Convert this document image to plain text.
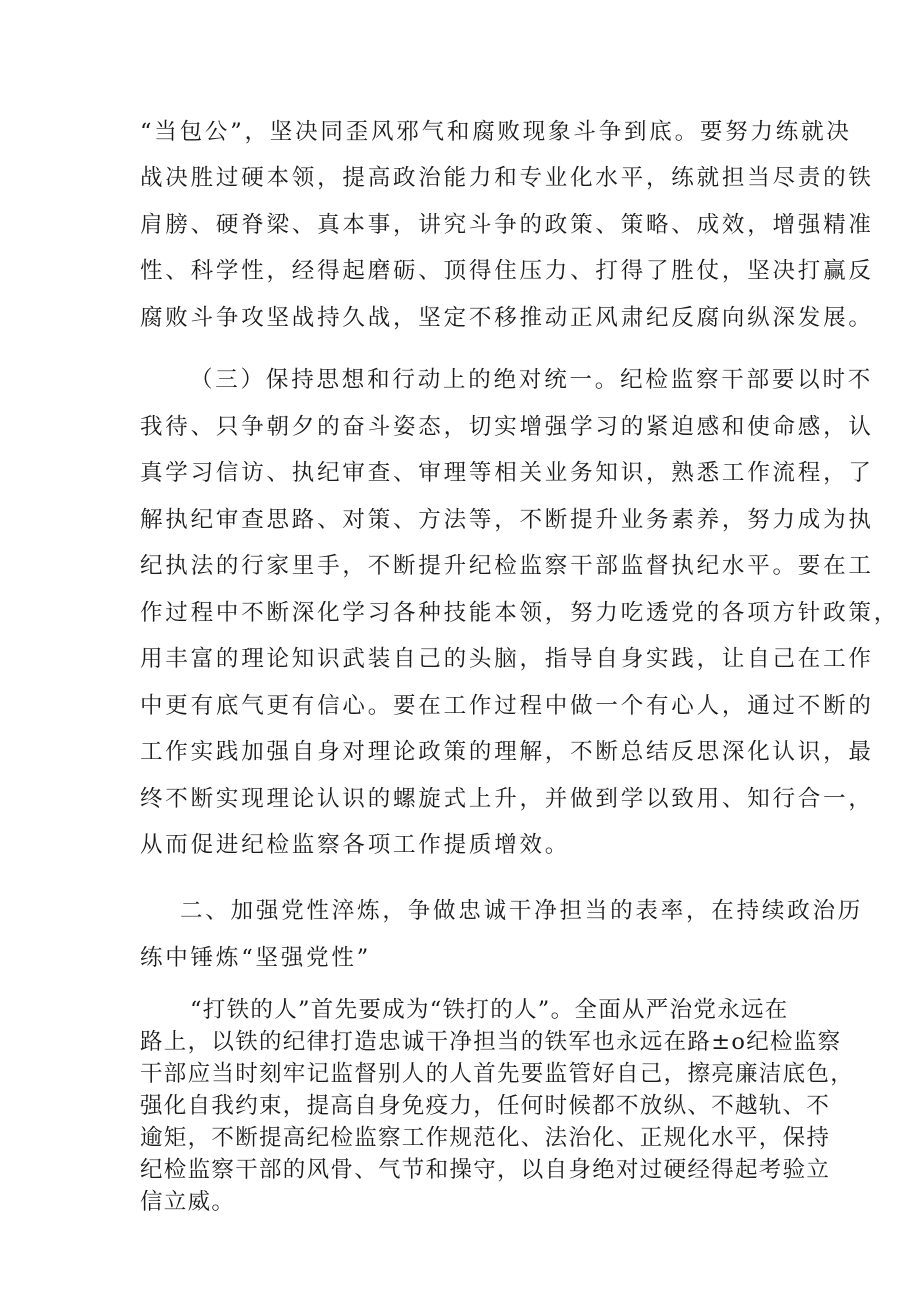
“当包公”，坚决同歪风邪气和腐败现象斗争到底。要努力练就决
战决胜过硬本领，提高政治能力和专业化水平，练就担当尽责的铁
肩膀、硬脊梁、真本事，讲究斗争的政策、策略、成效，增强精准
性、科学性，经得起磨砺、顶得住压力、打得了胜仗，坚决打赢反
腐败斗争攻坚战持久战，坚定不移推动正风肃纪反腐向纵深发展。
（三）保持思想和行动上的绝对统一。纪检监察干部要以时不
我待、只争朝夕的奋斗姿态，切实增强学习的紧迫感和使命感，认
真学习信访、执纪审查、审理等相关业务知识，熟悉工作流程，了
解执纪审查思路、对策、方法等，不断提升业务素养，努力成为执
纪执法的行家里手，不断提升纪检监察干部监督执纪水平。要在工
作过程中不断深化学习各种技能本领，努力吃透党的各项方针政策，
用丰富的理论知识武装自己的头脑，指导自身实践，让自己在工作
中更有底气更有信心。要在工作过程中做一个有心人，通过不断的
工作实践加强自身对理论政策的理解，不断总结反思深化认识，最
终不断实现理论认识的螺旋式上升，并做到学以致用、知行合一，
从而促进纪检监察各项工作提质增效。
二、加强党性淬炼，争做忠诚干净担当的表率，在持续政治历
练中锤炼“坚强党性”
“打铁的人”首先要成为“铁打的人”。全面从严治党永远在
路上，以铁的纪律打造忠诚干净担当的铁军也永远在路±o纪检监察
干部应当时刻牢记监督别人的人首先要监管好自己，擦亮廉洁底色，
强化自我约束，提高自身免疫力，任何时候都不放纵、不越轨、不
逾矩，不断提高纪检监察工作规范化、法治化、正规化水平，保持
纪检监察干部的风骨、气节和操守，以自身绝对过硬经得起考验立
信立威。
